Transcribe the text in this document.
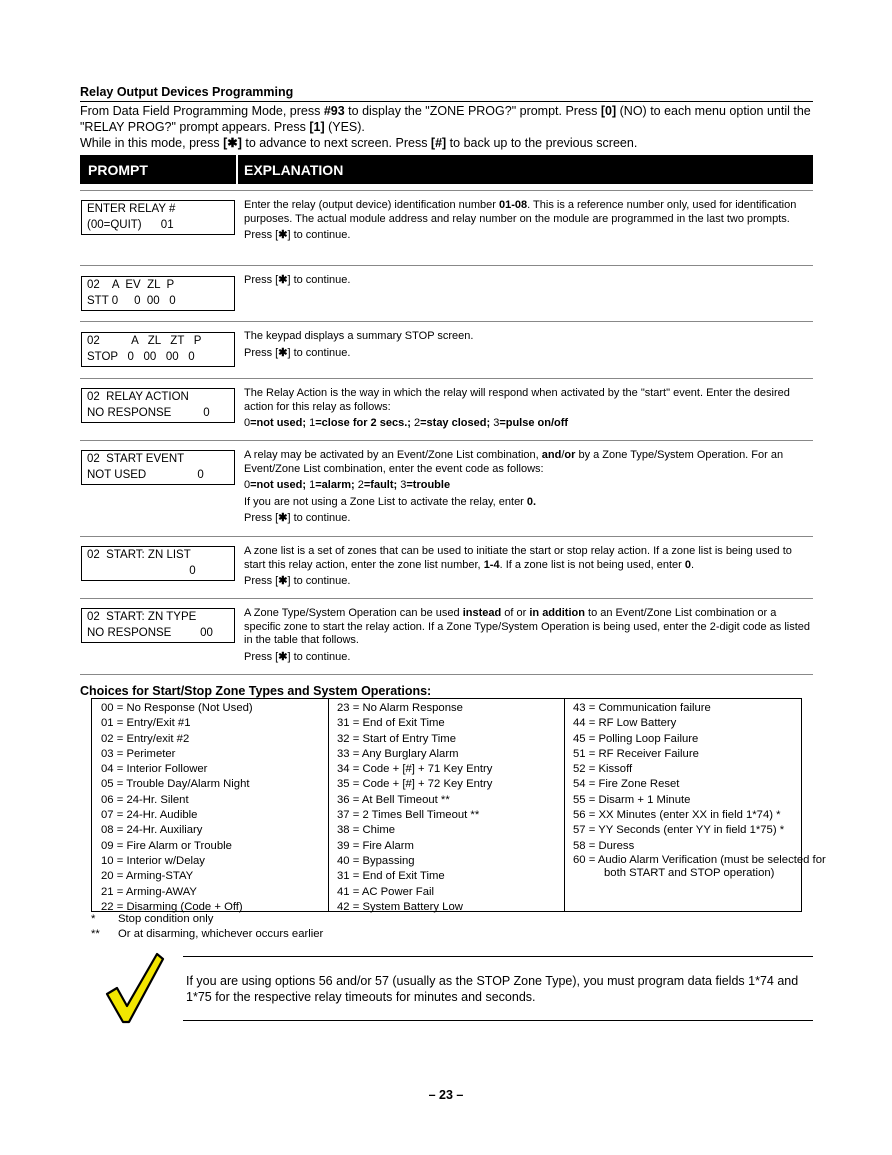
Relay Output Devices Programming

From Data Field Programming Mode, press #93 to display the "ZONE PROG?" prompt. Press [0] (NO) to each menu option until the "RELAY PROG?" prompt appears. Press [1] (YES).

While in this mode, press [✱] to advance to next screen. Press [#] to back up to the previous screen.

PROMPT	EXPLANATION
ENTER RELAY #
(00=QUIT)      01

Enter the relay (output device) identification number 01-08. This is a reference number only, used for identification purposes. The actual module address and relay number on the module are programmed in the last two prompts.

Press [✱] to continue.

02    A  EV  ZL  P
STT 0     0  00   0

Press [✱] to continue.

02          A   ZL   ZT   P
STOP   0   00   00   0

The keypad displays a summary STOP screen.

Press [✱] to continue.

02  RELAY ACTION
NO RESPONSE          0

The Relay Action is the way in which the relay will respond when activated by the "start" event. Enter the desired action for this relay as follows:

0=not used; 1=close for 2 secs.; 2=stay closed; 3=pulse on/off

02  START EVENT
NOT USED                0

A relay may be activated by an Event/Zone List combination, and/or by a Zone Type/System Operation. For an Event/Zone List combination, enter the event code as follows:

0=not used; 1=alarm; 2=fault; 3=trouble

If you are not using a Zone List to activate the relay, enter 0.

Press [✱] to continue.

02  START: ZN LIST
0

A zone list is a set of zones that can be used to initiate the start or stop relay action. If a zone list is being used to start this relay action, enter the zone list number, 1-4. If a zone list is not being used, enter 0.

Press [✱] to continue.

02  START: ZN TYPE
NO RESPONSE         00

A Zone Type/System Operation can be used instead of or in addition to an Event/Zone List combination or a specific zone to start the relay action. If a Zone Type/System Operation is being used, enter the 2-digit code as listed in the table that follows.

Press [✱] to continue.

Choices for Start/Stop Zone Types and System Operations:
00 = No Response (Not Used)
01 = Entry/Exit #1
02 = Entry/exit #2
03 = Perimeter
04 = Interior Follower
05 = Trouble Day/Alarm Night
06 = 24-Hr. Silent
07 = 24-Hr. Audible
08 = 24-Hr. Auxiliary
09 = Fire Alarm or Trouble
10 = Interior w/Delay
20 = Arming-STAY
21 = Arming-AWAY
22 = Disarming (Code + Off)
23 = No Alarm Response
31 = End of Exit Time
32 = Start of Entry Time
33 = Any Burglary Alarm
34 = Code + [#] + 71 Key Entry
35 = Code + [#] + 72 Key Entry
36 = At Bell Timeout **
37 = 2 Times Bell Timeout **
38 = Chime
39 = Fire Alarm
40 = Bypassing
31 = End of Exit Time
41 = AC Power Fail
42 = System Battery Low
43 = Communication failure
44 = RF Low Battery
45 = Polling Loop Failure
51 = RF Receiver Failure
52 = Kissoff
54 = Fire Zone Reset
55 = Disarm + 1 Minute
56 = XX Minutes (enter XX in field 1*74) *
57 = YY Seconds (enter YY in field 1*75) *
58 = Duress
60 = Audio Alarm Verification (must be selected for both START and STOP operation)
* Stop condition only
** Or at disarming, whichever occurs earlier
If you are using options 56 and/or 57 (usually as the STOP Zone Type), you must program data fields 1*74 and 1*75 for the respective relay timeouts for minutes and seconds.
– 23 –
